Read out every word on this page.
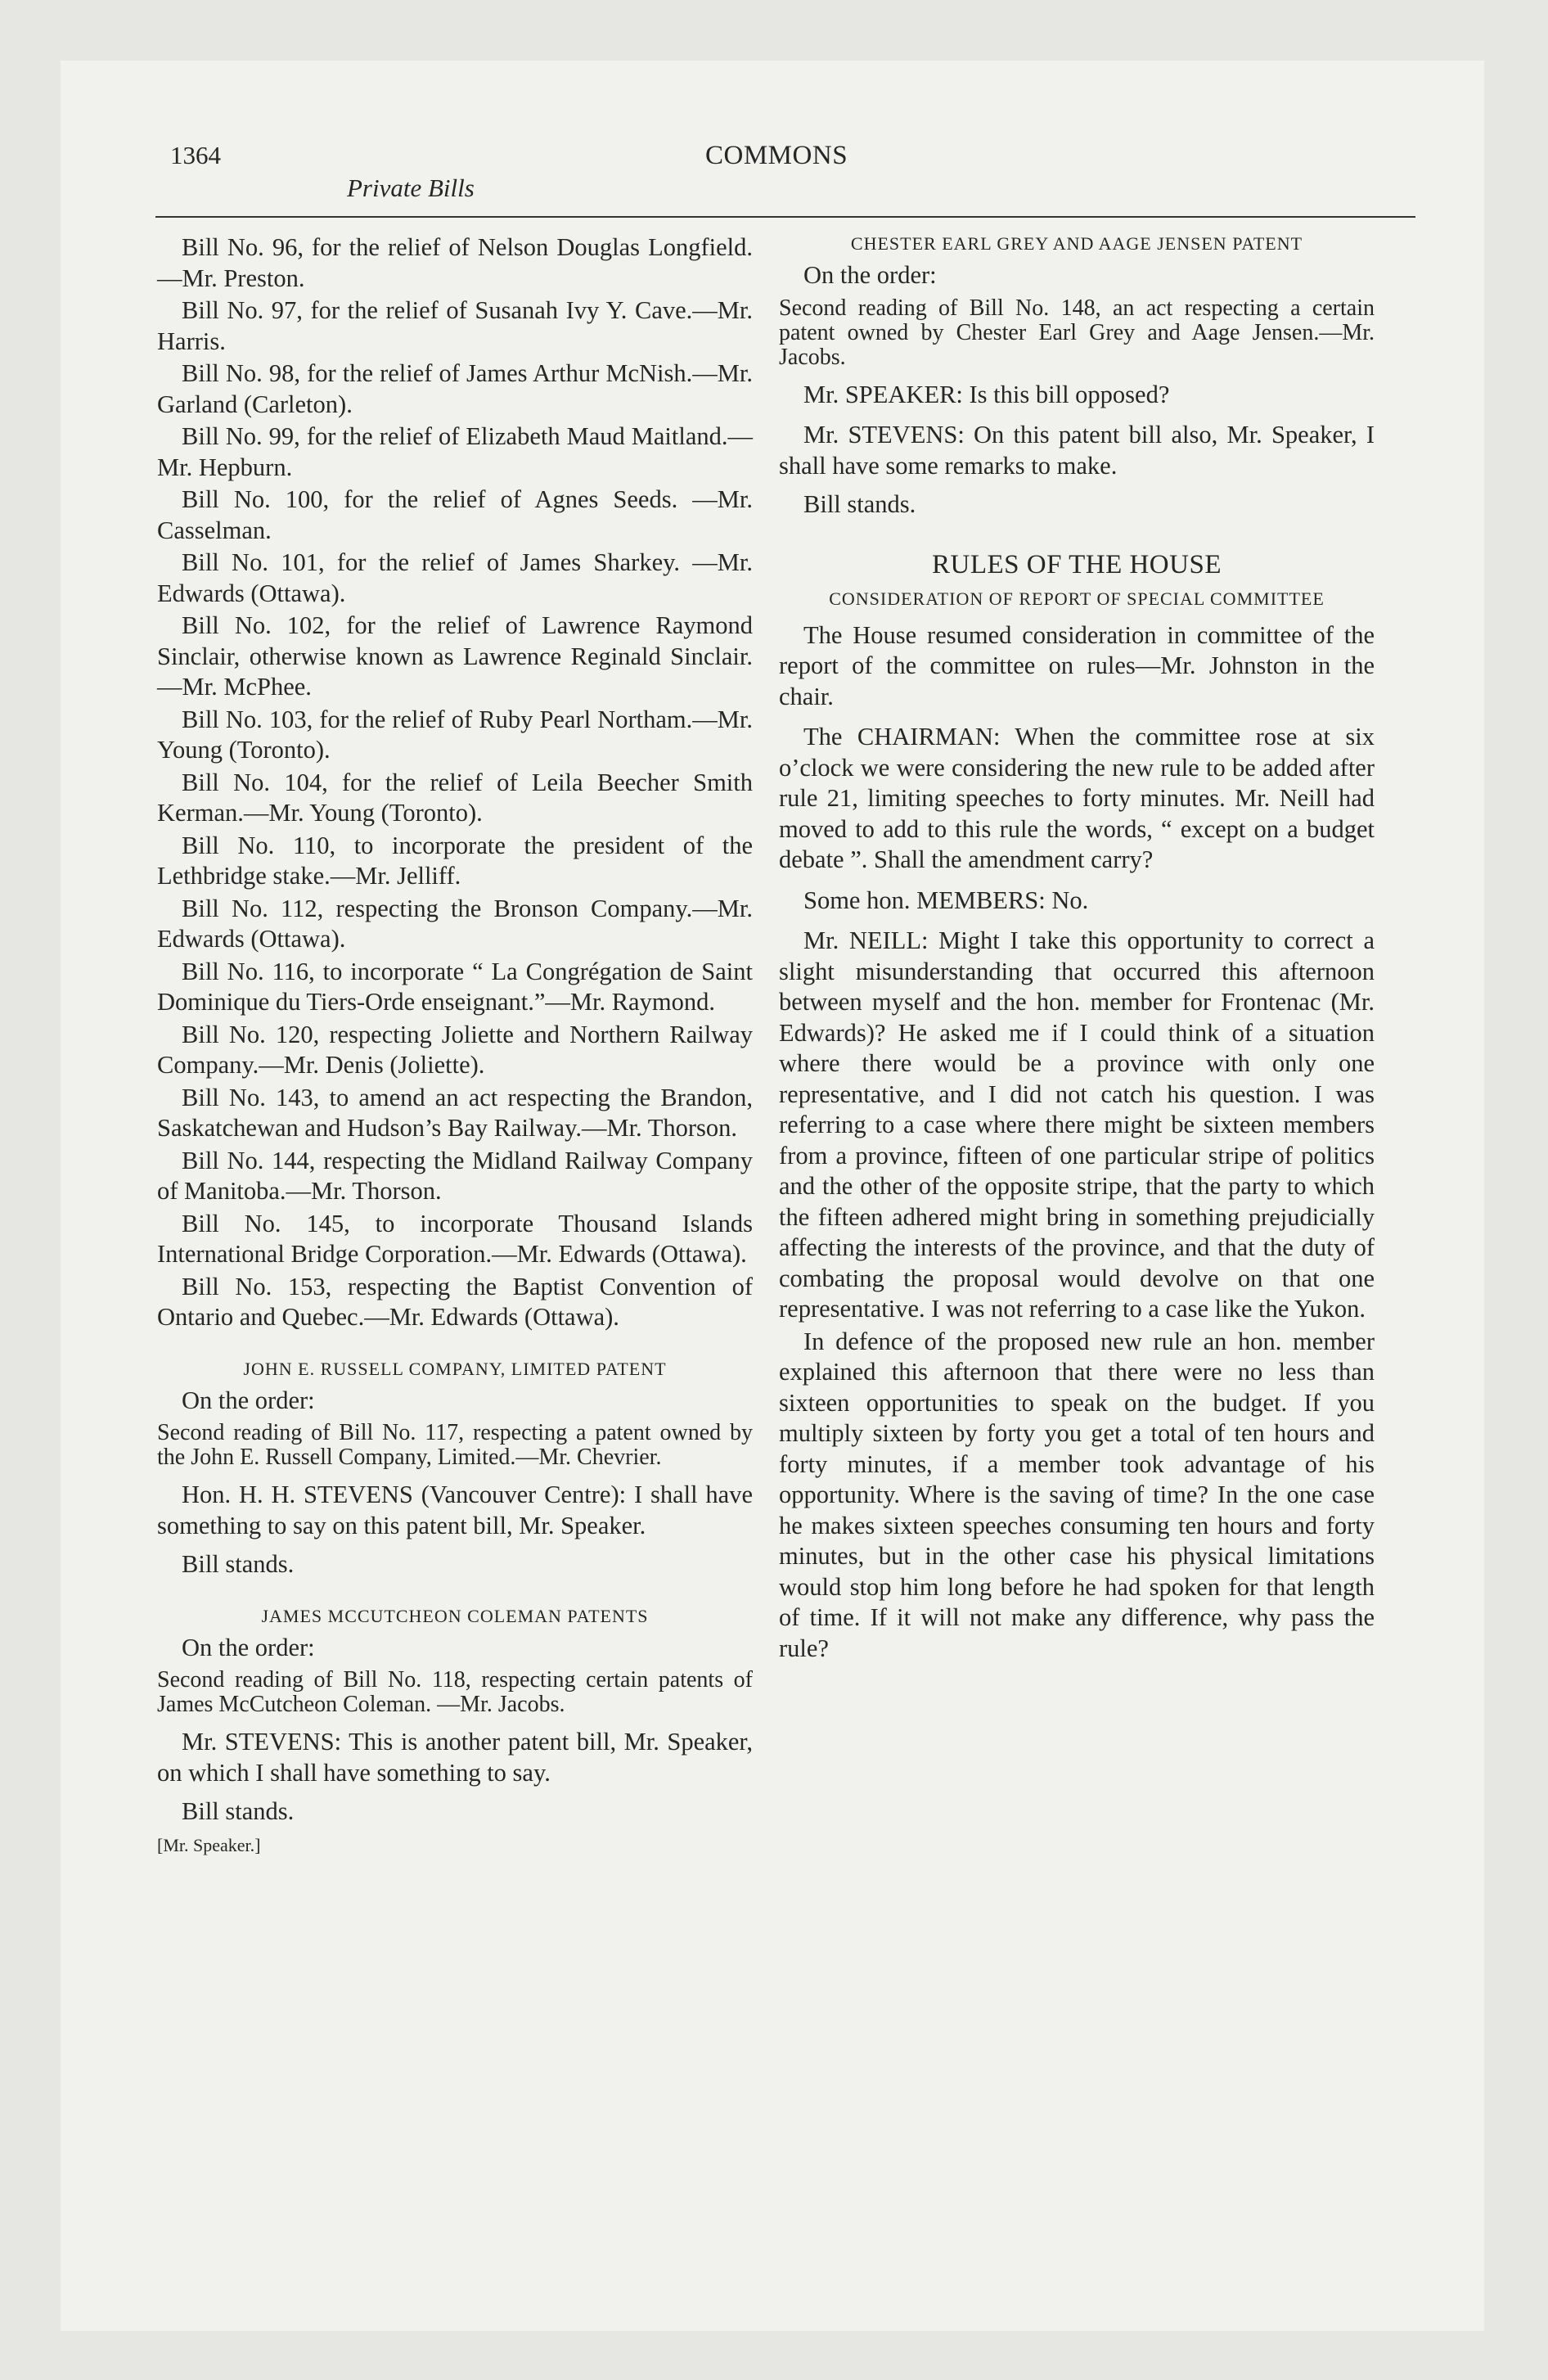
1364	COMMONS
Private Bills

Bill No. 96, for the relief of Nelson Douglas Longfield.—Mr. Preston.

Bill No. 97, for the relief of Susanah Ivy Y. Cave.—Mr. Harris.

Bill No. 98, for the relief of James Arthur McNish.—Mr. Garland (Carleton).

Bill No. 99, for the relief of Elizabeth Maud Maitland.—Mr. Hepburn.

Bill No. 100, for the relief of Agnes Seeds. —Mr. Casselman.

Bill No. 101, for the relief of James Sharkey. —Mr. Edwards (Ottawa).

Bill No. 102, for the relief of Lawrence Raymond Sinclair, otherwise known as Lawrence Reginald Sinclair.—Mr. McPhee.

Bill No. 103, for the relief of Ruby Pearl Northam.—Mr. Young (Toronto).

Bill No. 104, for the relief of Leila Beecher Smith Kerman.—Mr. Young (Toronto).

Bill No. 110, to incorporate the president of the Lethbridge stake.—Mr. Jelliff.

Bill No. 112, respecting the Bronson Company.—Mr. Edwards (Ottawa).

Bill No. 116, to incorporate “ La Congrégation de Saint Dominique du Tiers-Orde enseignant.”—Mr. Raymond.

Bill No. 120, respecting Joliette and Northern Railway Company.—Mr. Denis (Joliette).

Bill No. 143, to amend an act respecting the Brandon, Saskatchewan and Hudson’s Bay Railway.—Mr. Thorson.

Bill No. 144, respecting the Midland Railway Company of Manitoba.—Mr. Thorson.

Bill No. 145, to incorporate Thousand Islands International Bridge Corporation.—Mr. Edwards (Ottawa).

Bill No. 153, respecting the Baptist Convention of Ontario and Quebec.—Mr. Edwards (Ottawa).

JOHN E. RUSSELL COMPANY, LIMITED PATENT

On the order:

Second reading of Bill No. 117, respecting a patent owned by the John E. Russell Company, Limited.—Mr. Chevrier.

Hon. H. H. STEVENS (Vancouver Centre): I shall have something to say on this patent bill, Mr. Speaker.

Bill stands.

JAMES MCCUTCHEON COLEMAN PATENTS

On the order:

Second reading of Bill No. 118, respecting certain patents of James McCutcheon Coleman. —Mr. Jacobs.

Mr. STEVENS: This is another patent bill, Mr. Speaker, on which I shall have something to say.

Bill stands.

[Mr. Speaker.]

CHESTER EARL GREY AND AAGE JENSEN PATENT

On the order:

Second reading of Bill No. 148, an act respecting a certain patent owned by Chester Earl Grey and Aage Jensen.—Mr. Jacobs.

Mr. SPEAKER: Is this bill opposed?

Mr. STEVENS: On this patent bill also, Mr. Speaker, I shall have some remarks to make.

Bill stands.

RULES OF THE HOUSE
CONSIDERATION OF REPORT OF SPECIAL COMMITTEE

The House resumed consideration in committee of the report of the committee on rules—Mr. Johnston in the chair.

The CHAIRMAN: When the committee rose at six o’clock we were considering the new rule to be added after rule 21, limiting speeches to forty minutes. Mr. Neill had moved to add to this rule the words, “ except on a budget debate ”. Shall the amendment carry?

Some hon. MEMBERS: No.

Mr. NEILL: Might I take this opportunity to correct a slight misunderstanding that occurred this afternoon between myself and the hon. member for Frontenac (Mr. Edwards)? He asked me if I could think of a situation where there would be a province with only one representative, and I did not catch his question. I was referring to a case where there might be sixteen members from a province, fifteen of one particular stripe of politics and the other of the opposite stripe, that the party to which the fifteen adhered might bring in something prejudicially affecting the interests of the province, and that the duty of combating the proposal would devolve on that one representative. I was not referring to a case like the Yukon.

In defence of the proposed new rule an hon. member explained this afternoon that there were no less than sixteen opportunities to speak on the budget. If you multiply sixteen by forty you get a total of ten hours and forty minutes, if a member took advantage of his opportunity. Where is the saving of time? In the one case he makes sixteen speeches consuming ten hours and forty minutes, but in the other case his physical limitations would stop him long before he had spoken for that length of time. If it will not make any difference, why pass the rule?
